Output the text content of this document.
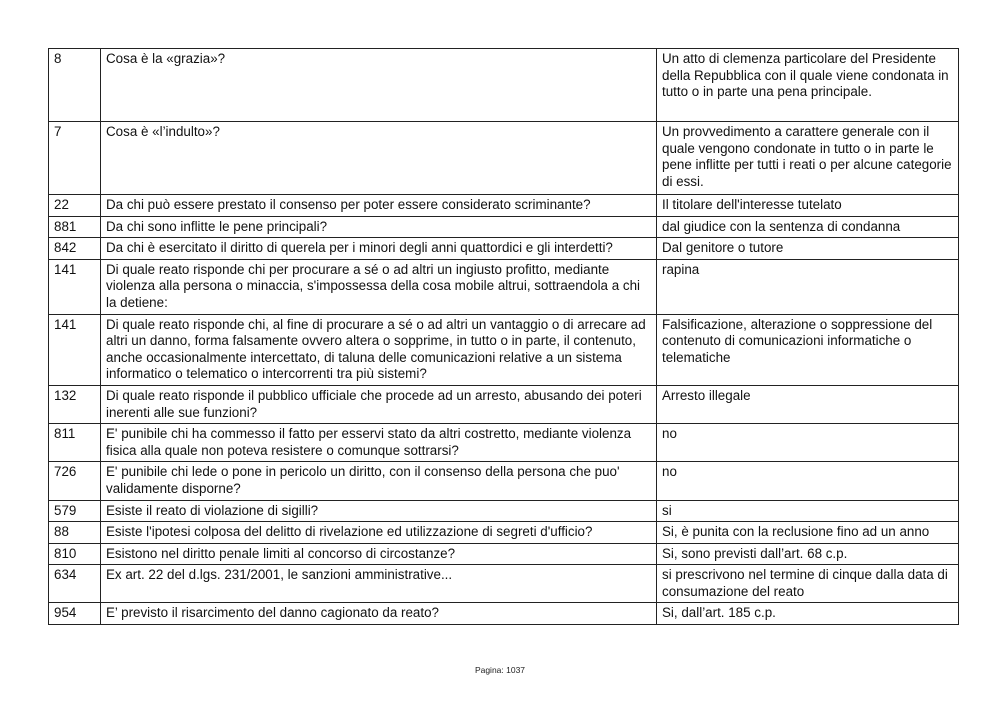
8	Cosa è la «grazia»?	Un atto di clemenza particolare del Presidente della Repubblica con il quale viene condonata in tutto o in parte una pena principale.
7	Cosa è «l’indulto»?	Un provvedimento a carattere generale con il quale vengono condonate in tutto o in parte le pene inflitte per tutti i reati o per alcune categorie di essi.
22	Da chi può essere prestato il consenso per poter essere considerato scriminante?	Il titolare dell'interesse tutelato
881	Da chi sono inflitte le pene principali?	dal giudice con la sentenza di condanna
842	Da chi è esercitato il diritto di querela per i minori degli anni quattordici e gli interdetti?	Dal genitore o tutore
141	Di quale reato risponde chi per procurare a sé o ad altri un ingiusto profitto, mediante violenza alla persona o minaccia, s'impossessa della cosa mobile altrui, sottraendola a chi la detiene:	rapina
141	Di quale reato risponde chi, al fine di procurare a sé o ad altri un vantaggio o di arrecare ad altri un danno, forma falsamente ovvero altera o sopprime, in tutto o in parte, il contenuto, anche occasionalmente intercettato, di taluna delle comunicazioni relative a un sistema informatico o telematico o intercorrenti tra più sistemi?	Falsificazione, alterazione o soppressione del contenuto di comunicazioni informatiche o telematiche
132	Di quale reato risponde il pubblico ufficiale che procede ad un arresto, abusando dei poteri inerenti alle sue funzioni?	Arresto illegale
811	E' punibile chi ha commesso il fatto per esservi stato da altri costretto, mediante violenza fisica alla quale non poteva resistere o comunque sottrarsi?	no
726	E' punibile chi lede o pone in pericolo un diritto, con il consenso della persona che puo' validamente disporne?	no
579	Esiste il reato di violazione di sigilli?	si
88	Esiste l'ipotesi colposa del delitto di rivelazione ed utilizzazione di segreti d'ufficio?	Si, è punita con la reclusione fino ad un anno
810	Esistono nel diritto penale limiti al concorso di circostanze?	Si, sono previsti dall’art. 68 c.p.
634	Ex art. 22 del d.lgs. 231/2001, le sanzioni amministrative...	si prescrivono nel termine di cinque dalla data di consumazione del reato
954	E’ previsto il risarcimento del danno cagionato da reato?	Si, dall’art. 185 c.p.
Pagina: 1037
